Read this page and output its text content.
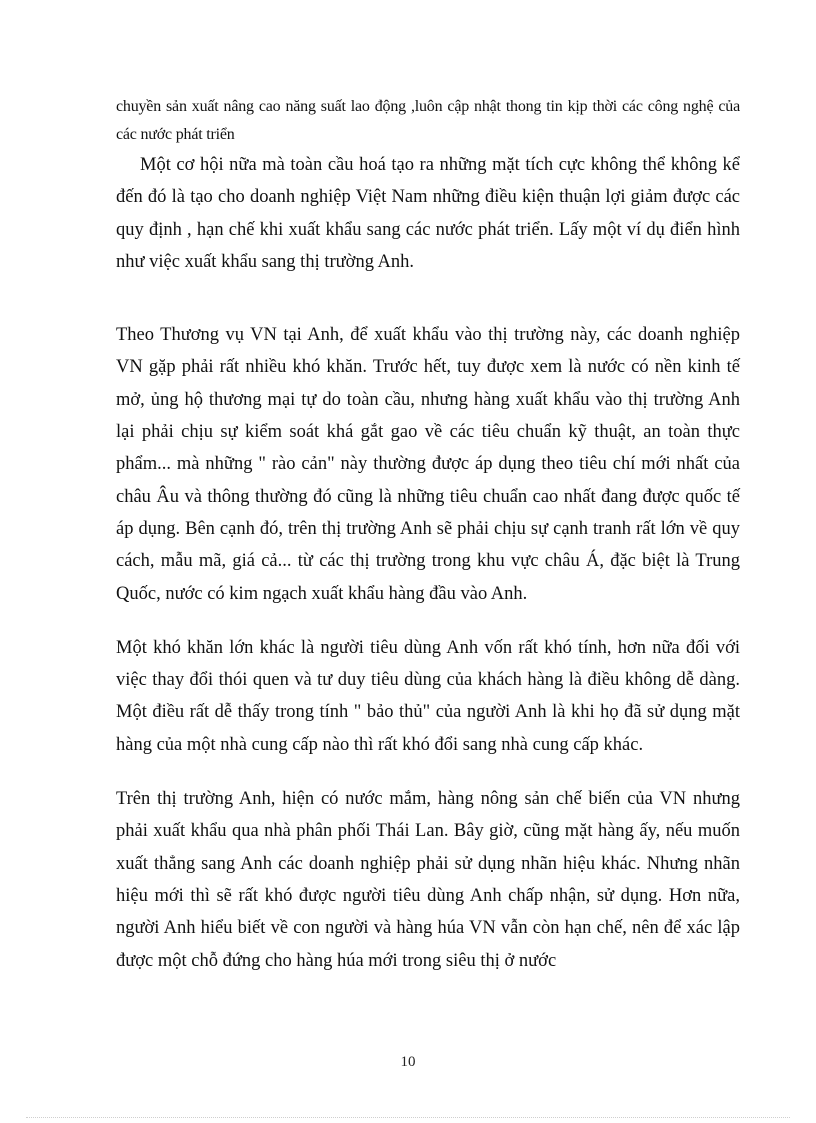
chuyền sản xuất nâng cao năng suất lao động ,luôn cập nhật thong tin kịp thời các công nghệ của các nước phát triển

Một cơ hội nữa mà toàn cầu hoá tạo ra những mặt tích cực không thể không kể đến đó là tạo cho doanh nghiệp Việt Nam những điều kiện thuận lợi giảm được các quy định , hạn chế khi xuất khẩu sang các nước phát triển. Lấy một ví dụ điển hình như việc xuất khẩu sang thị trường Anh.

Theo Thương vụ VN tại Anh, để xuất khẩu vào thị trường này, các doanh nghiệp VN gặp phải rất nhiều khó khăn. Trước hết, tuy được xem là nước có nền kinh tế mở, ủng hộ thương mại tự do toàn cầu, nhưng hàng xuất khẩu vào thị trường Anh lại phải chịu sự kiểm soát khá gắt gao về các tiêu chuẩn kỹ thuật, an toàn thực phẩm... mà những " rào cản" này thường được áp dụng theo tiêu chí mới nhất của châu Âu và thông thường đó cũng là những tiêu chuẩn cao nhất đang được quốc tế áp dụng. Bên cạnh đó, trên thị trường Anh sẽ phải chịu sự cạnh tranh rất lớn về quy cách, mẫu mã, giá cả... từ các thị trường trong khu vực châu Á, đặc biệt là Trung Quốc, nước có kim ngạch xuất khẩu hàng đầu vào Anh.

Một khó khăn lớn khác là người tiêu dùng Anh vốn rất khó tính, hơn nữa đối với việc thay đổi thói quen và tư duy tiêu dùng của khách hàng là điều không dễ dàng. Một điều rất dễ thấy trong tính " bảo thủ" của người Anh là khi họ đã sử dụng mặt hàng của một nhà cung cấp nào thì rất khó đổi sang nhà cung cấp khác.

Trên thị trường Anh, hiện có nước mắm, hàng nông sản chế biến của VN nhưng phải xuất khẩu qua nhà phân phối Thái Lan. Bây giờ, cũng mặt hàng ấy, nếu muốn xuất thẳng sang Anh các doanh nghiệp phải sử dụng nhãn hiệu khác. Nhưng nhãn hiệu mới thì sẽ rất khó được người tiêu dùng Anh chấp nhận, sử dụng. Hơn nữa, người Anh hiểu biết về con người và hàng húa VN vẫn còn hạn chế, nên để xác lập được một chỗ đứng cho hàng húa mới trong siêu thị ở nước

10
